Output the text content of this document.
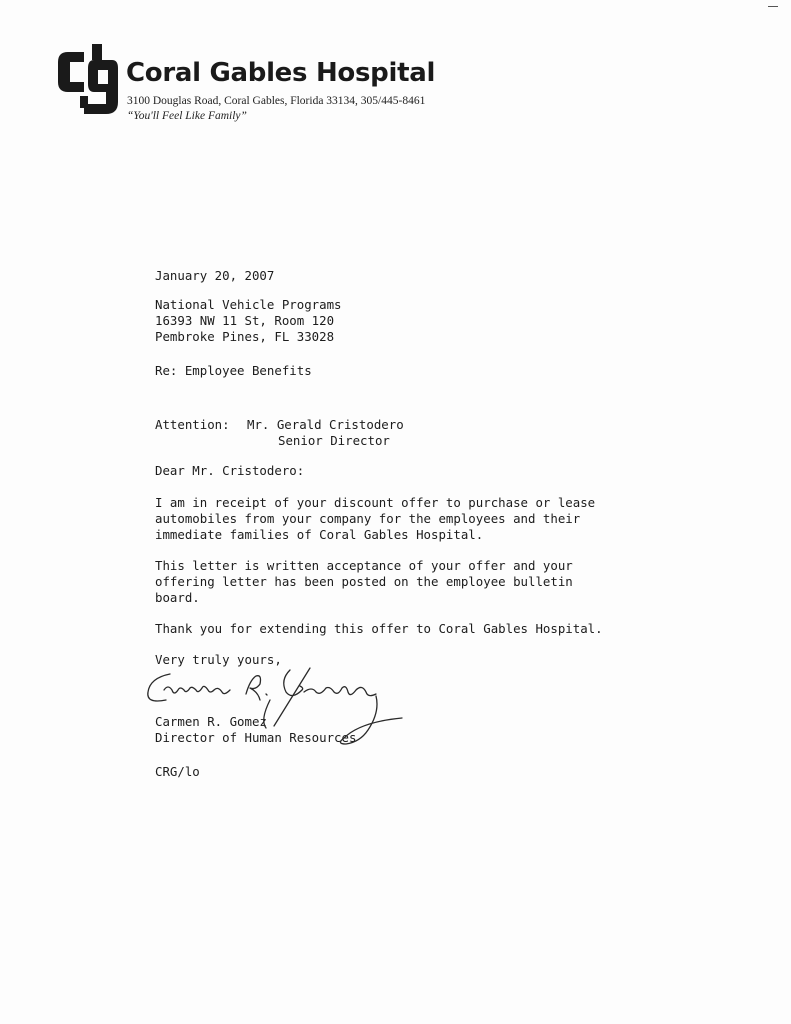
Coral Gables Hospital
3100 Douglas Road, Coral Gables, Florida 33134, 305/445-8461
“You'll Feel Like Family”

January 20, 2007

National Vehicle Programs

16393 NW 11 St, Room 120

Pembroke Pines, FL 33028

Re: Employee Benefits

Attention:

Mr. Gerald Cristodero

Senior Director

Dear Mr. Cristodero:

I am in receipt of your discount offer to purchase or lease

automobiles from your company for the employees and their

immediate families of Coral Gables Hospital.

This letter is written acceptance of your offer and your

offering letter has been posted on the employee bulletin

board.

Thank you for extending this offer to Coral Gables Hospital.

Very truly yours,

Carmen R. Gomez

Director of Human Resources

CRG/lo
